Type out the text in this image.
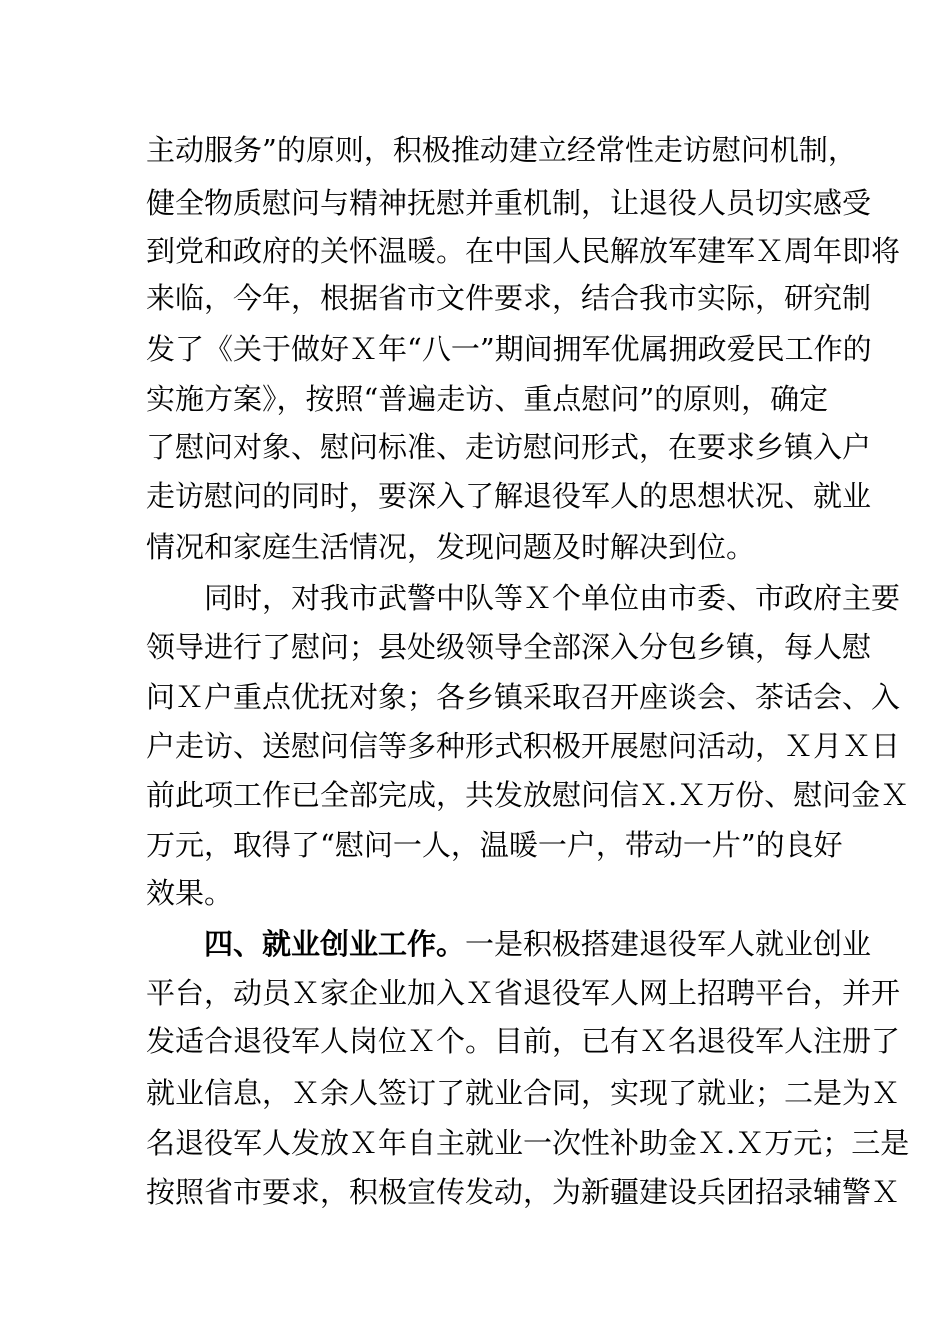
主动服务”的原则，积极推动建立经常性走访慰问机制，
健全物质慰问与精神抚慰并重机制，让退役人员切实感受
到党和政府的关怀温暖。在中国人民解放军建军Ｘ周年即将
来临，今年，根据省市文件要求，结合我市实际，研究制
发了《关于做好Ｘ年“八一”期间拥军优属拥政爱民工作的
实施方案》，按照“普遍走访、重点慰问”的原则，确定
了慰问对象、慰问标准、走访慰问形式，在要求乡镇入户
走访慰问的同时，要深入了解退役军人的思想状况、就业
情况和家庭生活情况，发现问题及时解决到位。
同时，对我市武警中队等Ｘ个单位由市委、市政府主要
领导进行了慰问；县处级领导全部深入分包乡镇，每人慰
问Ｘ户重点优抚对象；各乡镇采取召开座谈会、茶话会、入
户走访、送慰问信等多种形式积极开展慰问活动，Ｘ月Ｘ日
前此项工作已全部完成，共发放慰问信Ｘ.Ｘ万份、慰问金Ｘ
万元，取得了“慰问一人，温暖一户，带动一片”的良好
效果。
四、就业创业工作。一是积极搭建退役军人就业创业
平台，动员Ｘ家企业加入Ｘ省退役军人网上招聘平台，并开
发适合退役军人岗位Ｘ个。目前，已有Ｘ名退役军人注册了
就业信息，Ｘ余人签订了就业合同，实现了就业；二是为Ｘ
名退役军人发放Ｘ年自主就业一次性补助金Ｘ.Ｘ万元；三是
按照省市要求，积极宣传发动，为新疆建设兵团招录辅警Ｘ
